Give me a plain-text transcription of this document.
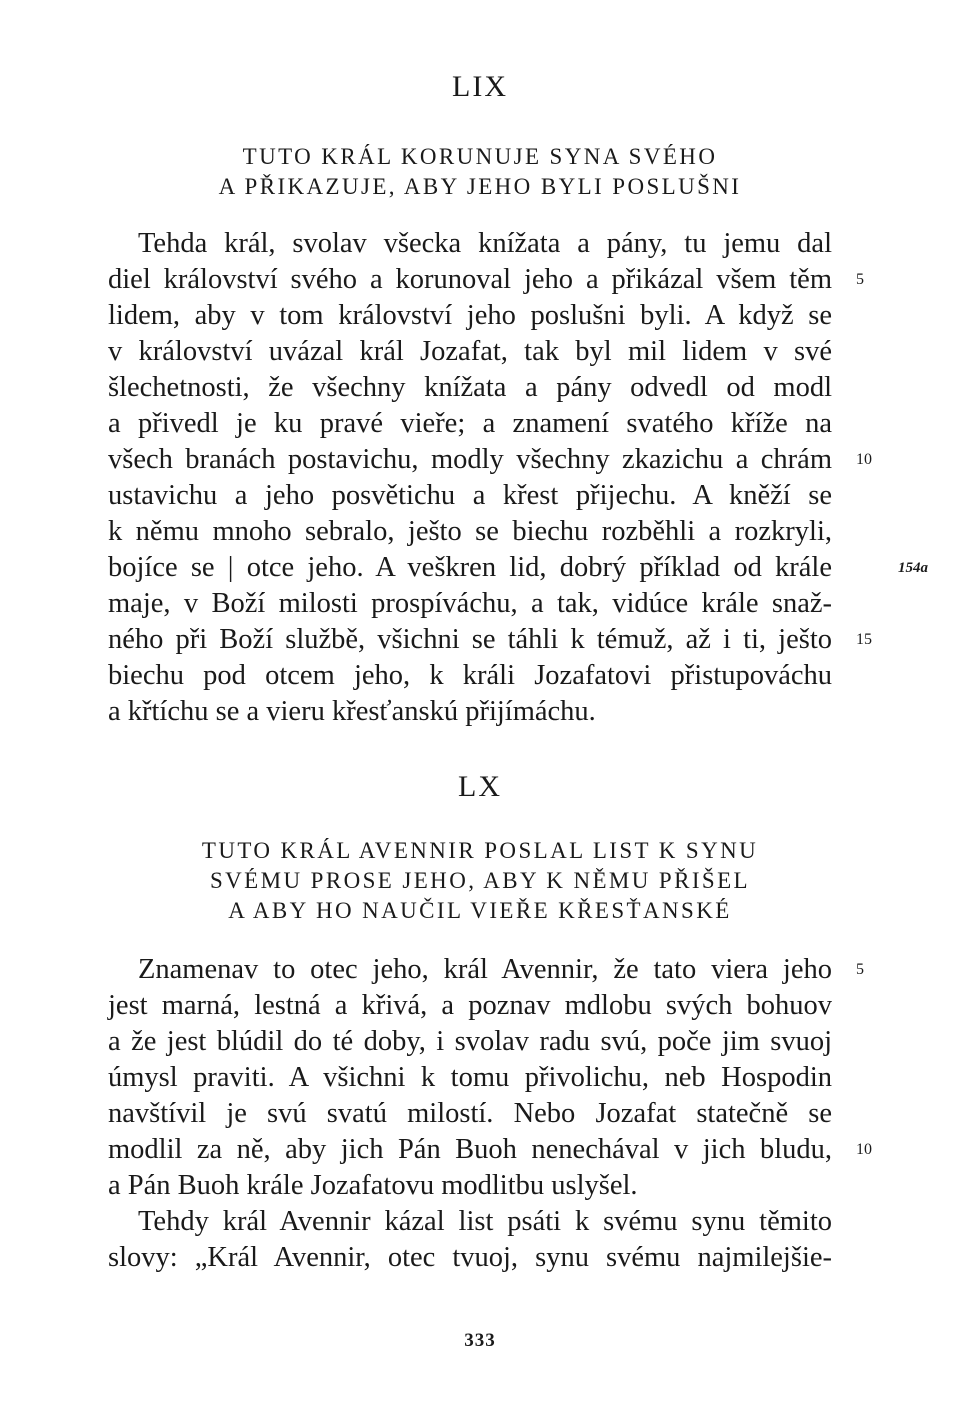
LIX
TUTO KRÁL KORUNUJE SYNA SVÉHO
A PŘIKAZUJE, ABY JEHO BYLI POSLUŠNI
Tehda král, svolav všecka knížata a pány, tu jemu dal
diel království svého a korunoval jeho a přikázal všem těm
lidem, aby v tom království jeho poslušni byli. A když se
v království uvázal král Jozafat, tak byl mil lidem v své
šlechetnosti, že všechny knížata a pány odvedl od modl
a přivedl je ku pravé vieře; a znamení svatého kříže na
všech branách postavichu, modly všechny zkazichu a chrám
ustavichu a jeho posvětichu a křest přijechu. A kněží se
k němu mnoho sebralo, ješto se biechu rozběhli a rozkryli,
bojíce se | otce jeho. A veškren lid, dobrý příklad od krále
maje, v Boží milosti prospíváchu, a tak, vidúce krále snaž-
ného při Boží službě, všichni se táhli k témuž, až i ti, ješto
biechu pod otcem jeho, k králi Jozafatovi přistupováchu
a křtíchu se a vieru křesťanskú přijímáchu.
5
10
15
154a
LX
TUTO KRÁL AVENNIR POSLAL LIST K SYNU
SVÉMU PROSE JEHO, ABY K NĚMU PŘIŠEL
A ABY HO NAUČIL VIEŘE KŘESŤANSKÉ
Znamenav to otec jeho, král Avennir, že tato viera jeho
jest marná, lestná a křivá, a poznav mdlobu svých bohuov
a že jest blúdil do té doby, i svolav radu svú, poče jim svuoj
úmysl praviti. A všichni k tomu přivolichu, neb Hospodin
navštívil je svú svatú milostí. Nebo Jozafat statečně se
modlil za ně, aby jich Pán Buoh nenechával v jich bludu,
a Pán Buoh krále Jozafatovu modlitbu uslyšel.
Tehdy král Avennir kázal list psáti k svému synu těmito
slovy: „Král Avennir, otec tvuoj, synu svému najmilejšie-
5
10
333
